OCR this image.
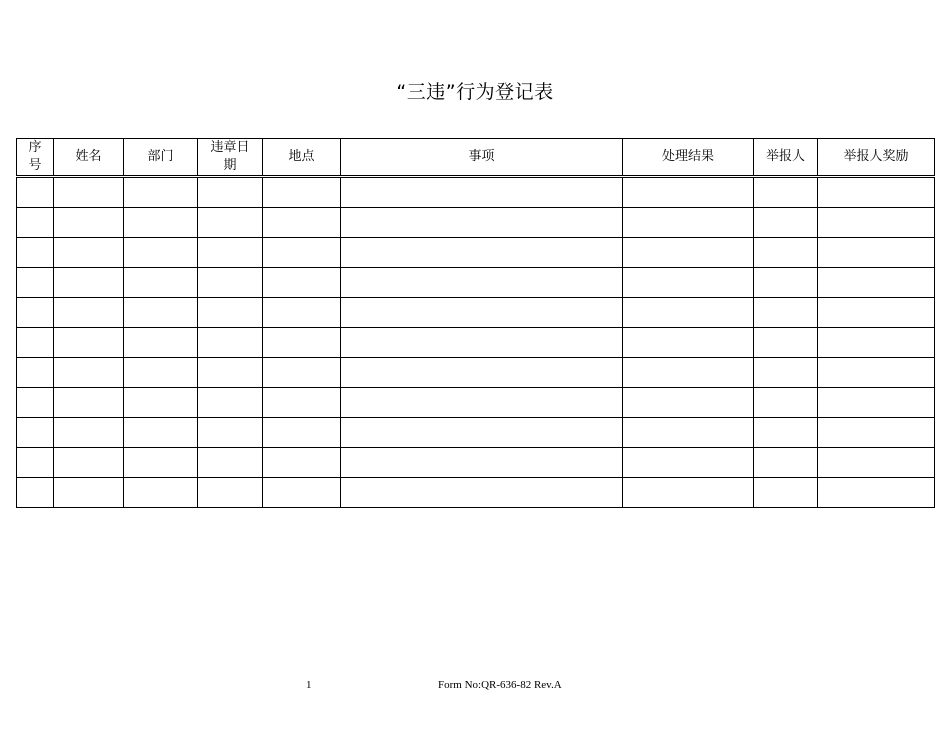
“三违”行为登记表
序号	姓名	部门	违章日期	地点	事项	处理结果	举报人	举报人奖励

1	Form No:QR-636-82 Rev.A
